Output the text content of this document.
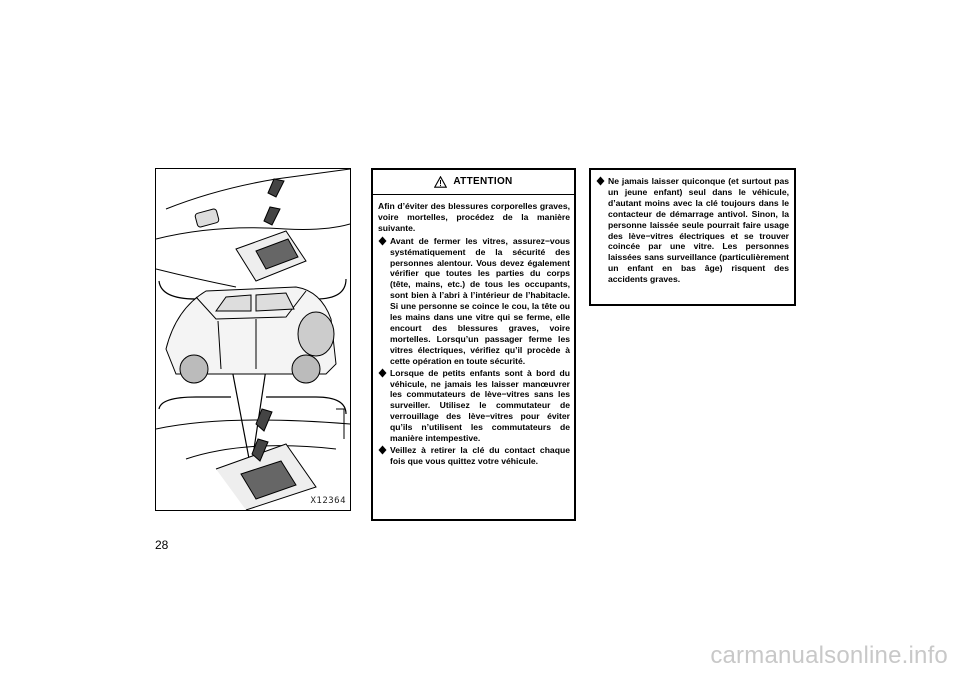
X12364
28
ATTENTION

Afin d’éviter des blessures corporelles graves, voire mortelles, procédez de la manière suivante.

Avant de fermer les vitres, assurez−vous systématiquement de la sécurité des personnes alentour. Vous devez également vérifier que toutes les parties du corps (tête, mains, etc.) de tous les occupants, sont bien à l’abri à l’intérieur de l’habitacle. Si une personne se coince le cou, la tête ou les mains dans une vitre qui se ferme, elle encourt des blessures graves, voire mortelles. Lorsqu’un passager ferme les vitres électriques, vérifiez qu’il procède à cette opération en toute sécurité.
Lorsque de petits enfants sont à bord du véhicule, ne jamais les laisser manœuvrer les commutateurs de lève−vitres sans les surveiller. Utilisez le commutateur de verrouillage des lève−vitres pour éviter qu’ils n’utilisent les commutateurs de manière intempestive.
Veillez à retirer la clé du contact chaque fois que vous quittez votre véhicule.
Ne jamais laisser quiconque (et surtout pas un jeune enfant) seul dans le véhicule, d’autant moins avec la clé toujours dans le contacteur de démarrage antivol. Sinon, la personne laissée seule pourrait faire usage des lève−vitres électriques et se trouver coincée par une vitre. Les personnes laissées sans surveillance (particulièrement un enfant en bas âge) risquent des accidents graves.
carmanualsonline.info
